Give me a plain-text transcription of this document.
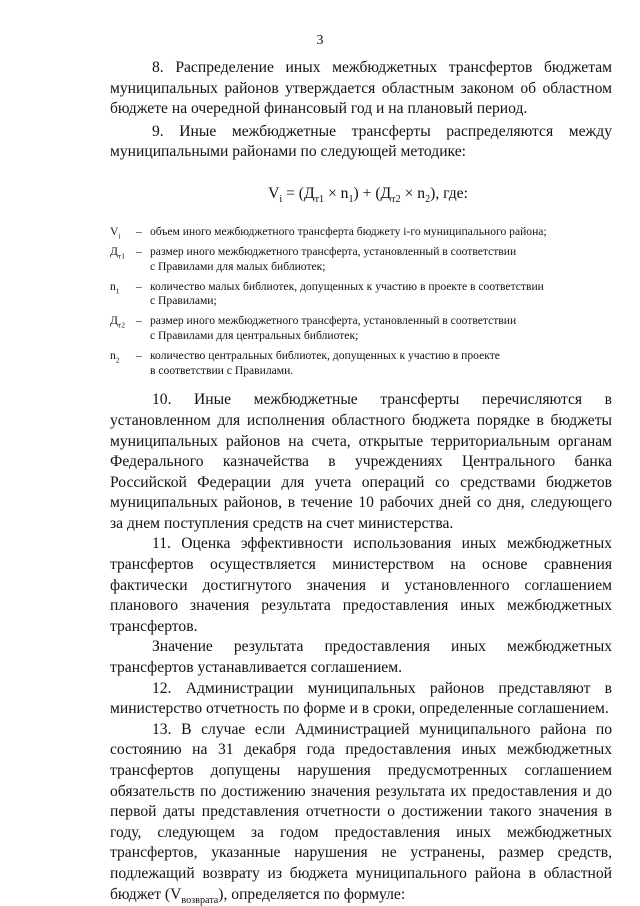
3

8. Распределение иных межбюджетных трансфертов бюджетам муниципальных районов утверждается областным законом об областном бюджете на очередной финансовый год и на плановый период.

9. Иные межбюджетные трансферты распределяются между муниципальными районами по следующей методике:

$V_i = (Д_{т1} \times n_1) + (Д_{т2} \times n_2)$, где:
$V_i$	– объем иного межбюджетного трансферта бюджету i-го муниципального района;
$Д_{т1}$ – размер иного межбюджетного трансферта, установленный в соответствии
с Правилами для малых библиотек;
$n_1$	– количество малых библиотек, допущенных к участию в проекте в соответствии
с Правилами;
$Д_{т2}$ – размер иного межбюджетного трансферта, установленный в соответствии
с Правилами для центральных библиотек;
$n_2$	– количество центральных библиотек, допущенных к участию в проекте
в соответствии с Правилами.

10. Иные межбюджетные трансферты перечисляются в установленном для исполнения областного бюджета порядке в бюджеты муниципальных районов на счета, открытые территориальным органам Федерального казначейства в учреждениях Центрального банка Российской Федерации для учета операций со средствами бюджетов муниципальных районов, в течение 10 рабочих дней со дня, следующего за днем поступления средств на счет министерства.

11. Оценка эффективности использования иных межбюджетных трансфертов осуществляется министерством на основе сравнения фактически достигнутого значения и установленного соглашением планового значения результата предоставления иных межбюджетных трансфертов.

Значение результата предоставления иных межбюджетных трансфертов устанавливается соглашением.

12. Администрации муниципальных районов представляют в министерство отчетность по форме и в сроки, определенные соглашением.

13. В случае если Администрацией муниципального района по состоянию на 31 декабря года предоставления иных межбюджетных трансфертов допущены нарушения предусмотренных соглашением обязательств по достижению значения результата их предоставления и до первой даты представления отчетности о достижении такого значения в году, следующем за годом предоставления иных межбюджетных трансфертов, указанные нарушения не устранены, размер средств, подлежащий возврату из бюджета муниципального района в областной бюджет $(V_{возврата})$, определяется по формуле:
